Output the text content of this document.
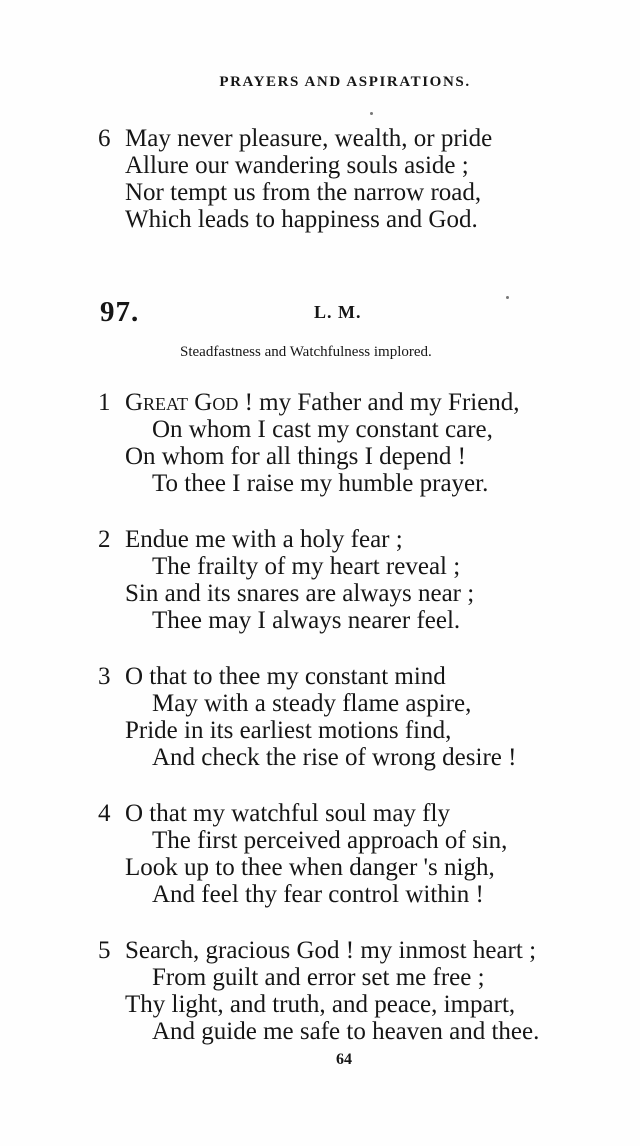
PRAYERS AND ASPIRATIONS.
6 May never pleasure, wealth, or pride
Allure our wandering souls aside ;
Nor tempt us from the narrow road,
Which leads to happiness and God.
97.	L. M.
Steadfastness and Watchfulness implored.
1 Great God ! my Father and my Friend,
On whom I cast my constant care,
On whom for all things I depend !
To thee I raise my humble prayer.
2 Endue me with a holy fear ;
The frailty of my heart reveal ;
Sin and its snares are always near ;
Thee may I always nearer feel.
3 O that to thee my constant mind
May with a steady flame aspire,
Pride in its earliest motions find,
And check the rise of wrong desire !
4 O that my watchful soul may fly
The first perceived approach of sin,
Look up to thee when danger 's nigh,
And feel thy fear control within !
5 Search, gracious God ! my inmost heart ;
From guilt and error set me free ;
Thy light, and truth, and peace, impart,
And guide me safe to heaven and thee.
64
